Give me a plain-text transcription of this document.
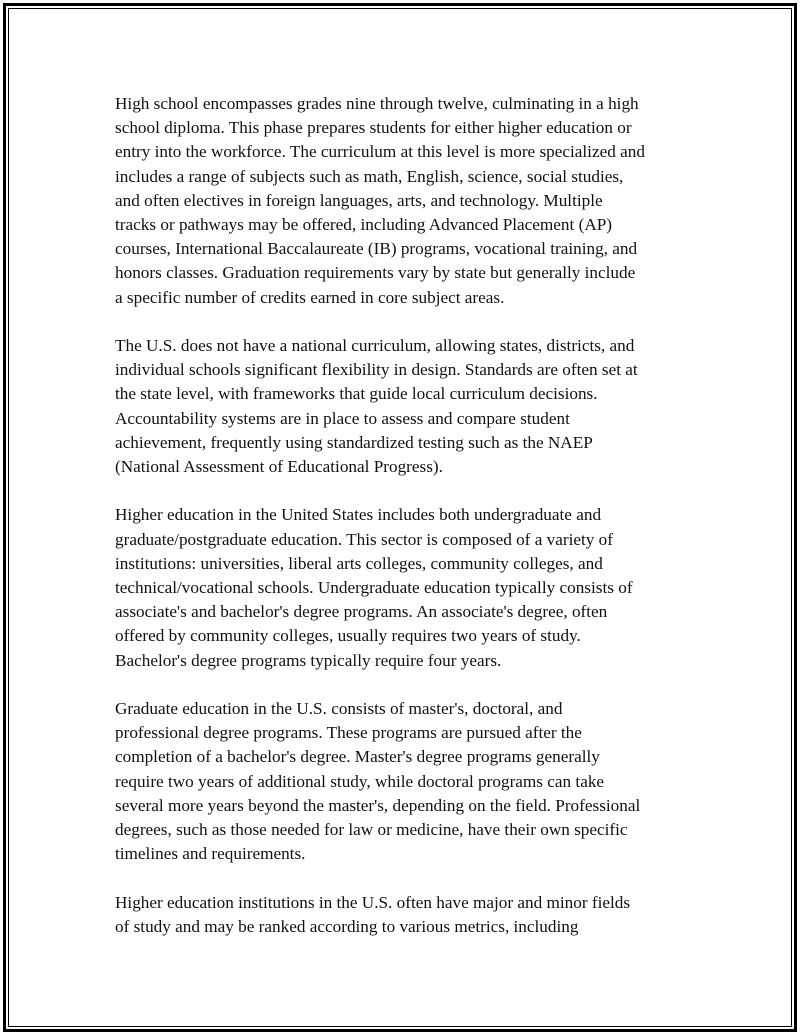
High school encompasses grades nine through twelve, culminating in a high
school diploma. This phase prepares students for either higher education or
entry into the workforce. The curriculum at this level is more specialized and
includes a range of subjects such as math, English, science, social studies,
and often electives in foreign languages, arts, and technology. Multiple
tracks or pathways may be offered, including Advanced Placement (AP)
courses, International Baccalaureate (IB) programs, vocational training, and
honors classes. Graduation requirements vary by state but generally include
a specific number of credits earned in core subject areas.

The U.S. does not have a national curriculum, allowing states, districts, and
individual schools significant flexibility in design. Standards are often set at
the state level, with frameworks that guide local curriculum decisions.
Accountability systems are in place to assess and compare student
achievement, frequently using standardized testing such as the NAEP
(National Assessment of Educational Progress).

Higher education in the United States includes both undergraduate and
graduate/postgraduate education. This sector is composed of a variety of
institutions: universities, liberal arts colleges, community colleges, and
technical/vocational schools. Undergraduate education typically consists of
associate's and bachelor's degree programs. An associate's degree, often
offered by community colleges, usually requires two years of study.
Bachelor's degree programs typically require four years.

Graduate education in the U.S. consists of master's, doctoral, and
professional degree programs. These programs are pursued after the
completion of a bachelor's degree. Master's degree programs generally
require two years of additional study, while doctoral programs can take
several more years beyond the master's, depending on the field. Professional
degrees, such as those needed for law or medicine, have their own specific
timelines and requirements.

Higher education institutions in the U.S. often have major and minor fields
of study and may be ranked according to various metrics, including
